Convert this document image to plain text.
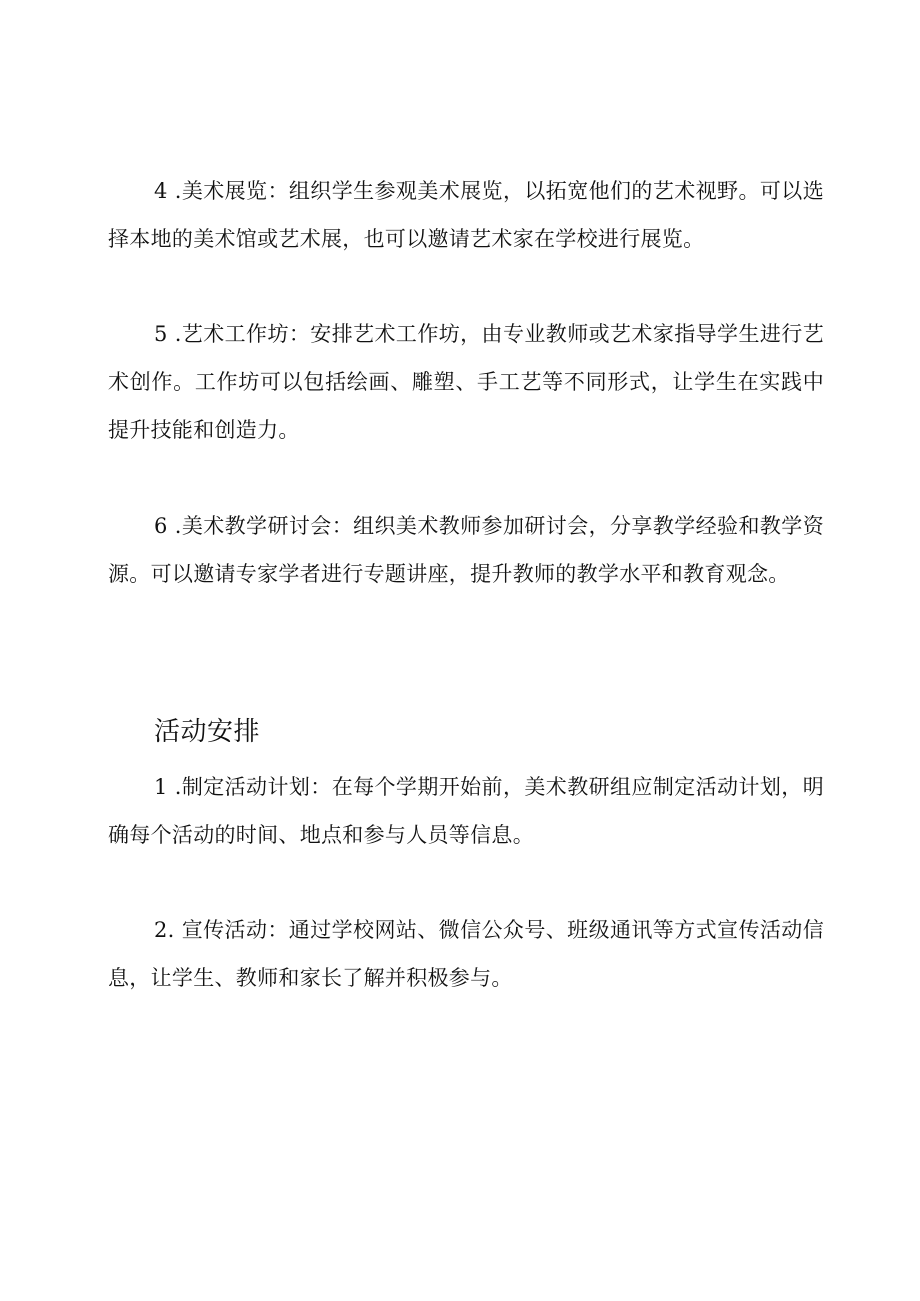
4 .美术展览：组织学生参观美术展览，以拓宽他们的艺术视野。可以选择本地的美术馆或艺术展，也可以邀请艺术家在学校进行展览。

5 .艺术工作坊：安排艺术工作坊，由专业教师或艺术家指导学生进行艺术创作。工作坊可以包括绘画、雕塑、手工艺等不同形式，让学生在实践中提升技能和创造力。

6 .美术教学研讨会：组织美术教师参加研讨会，分享教学经验和教学资源。可以邀请专家学者进行专题讲座，提升教师的教学水平和教育观念。

活动安排

1 .制定活动计划：在每个学期开始前，美术教研组应制定活动计划，明确每个活动的时间、地点和参与人员等信息。

2. 宣传活动：通过学校网站、微信公众号、班级通讯等方式宣传活动信息，让学生、教师和家长了解并积极参与。
